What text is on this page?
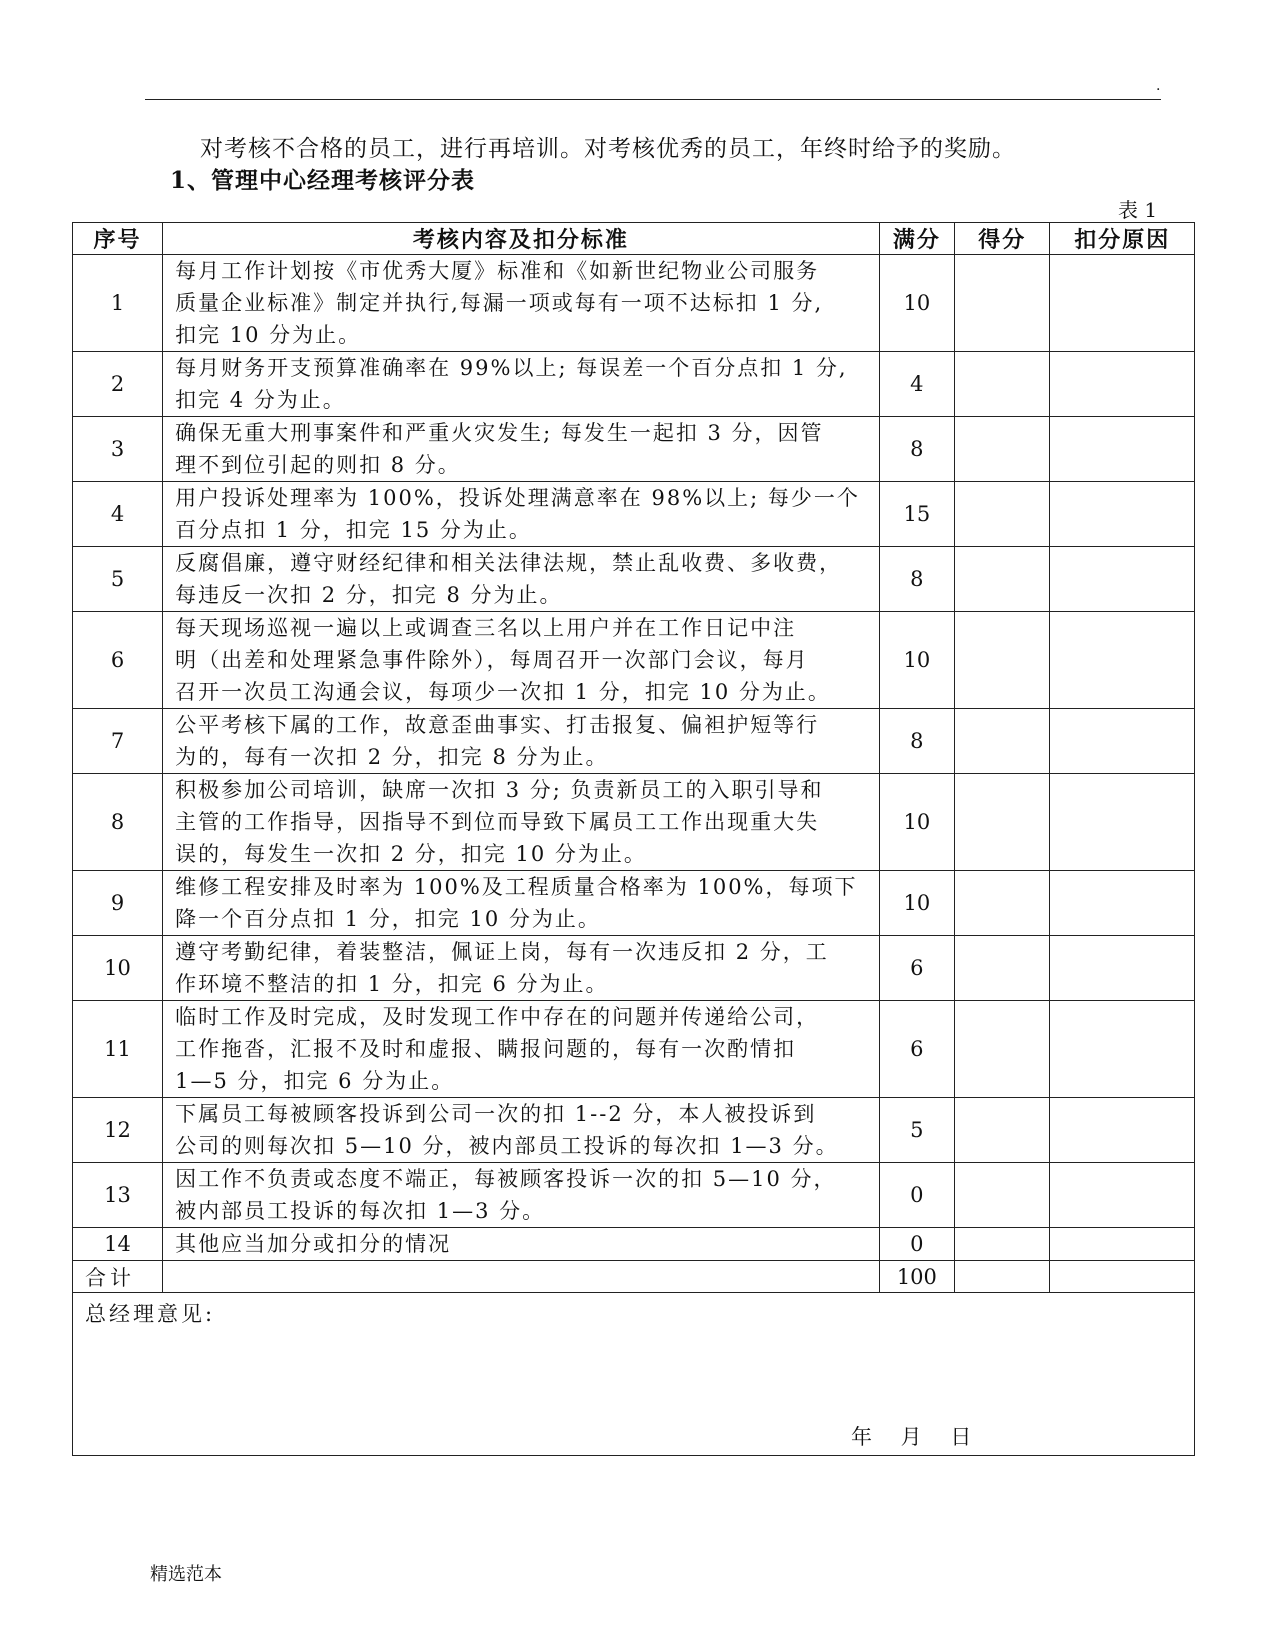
.
对考核不合格的员工，进行再培训。对考核优秀的员工，年终时给予的奖励。
1、管理中心经理考核评分表
表 1
序号	考核内容及扣分标准	满分	得分	扣分原因
1	每月工作计划按《市优秀大厦》标准和《如新世纪物业公司服务
质量企业标准》制定并执行,每漏一项或每有一项不达标扣 1 分,
扣完 10 分为止。	10		
2	每月财务开支预算准确率在 99%以上; 每误差一个百分点扣 1 分,
扣完 4 分为止。	4		
3	确保无重大刑事案件和严重火灾发生; 每发生一起扣 3 分，因管
理不到位引起的则扣 8 分。	8		
4	用户投诉处理率为 100%，投诉处理满意率在 98%以上; 每少一个
百分点扣 1 分，扣完 15 分为止。	15		
5	反腐倡廉，遵守财经纪律和相关法律法规，禁止乱收费、多收费，
每违反一次扣 2 分，扣完 8 分为止。	8		
6	每天现场巡视一遍以上或调查三名以上用户并在工作日记中注
明（出差和处理紧急事件除外），每周召开一次部门会议，每月
召开一次员工沟通会议，每项少一次扣 1 分，扣完 10 分为止。	10		
7	公平考核下属的工作，故意歪曲事实、打击报复、偏袒护短等行
为的，每有一次扣 2 分，扣完 8 分为止。	8		
8	积极参加公司培训，缺席一次扣 3 分; 负责新员工的入职引导和
主管的工作指导，因指导不到位而导致下属员工工作出现重大失
误的，每发生一次扣 2 分，扣完 10 分为止。	10		
9	维修工程安排及时率为 100%及工程质量合格率为 100%，每项下
降一个百分点扣 1 分，扣完 10 分为止。	10		
10	遵守考勤纪律，着装整洁，佩证上岗，每有一次违反扣 2 分，工
作环境不整洁的扣 1 分，扣完 6 分为止。	6		
11	临时工作及时完成，及时发现工作中存在的问题并传递给公司，
工作拖沓，汇报不及时和虚报、瞒报问题的，每有一次酌情扣
1—5 分，扣完 6 分为止。	6		
12	下属员工每被顾客投诉到公司一次的扣 1--2 分，本人被投诉到
公司的则每次扣 5—10 分，被内部员工投诉的每次扣 1—3 分。	5		
13	因工作不负责或态度不端正，每被顾客投诉一次的扣 5—10 分，
被内部员工投诉的每次扣 1—3 分。	0		
14	其他应当加分或扣分的情况	0		
合计		100		

总经理意见:
年 月 日				
精选范本
